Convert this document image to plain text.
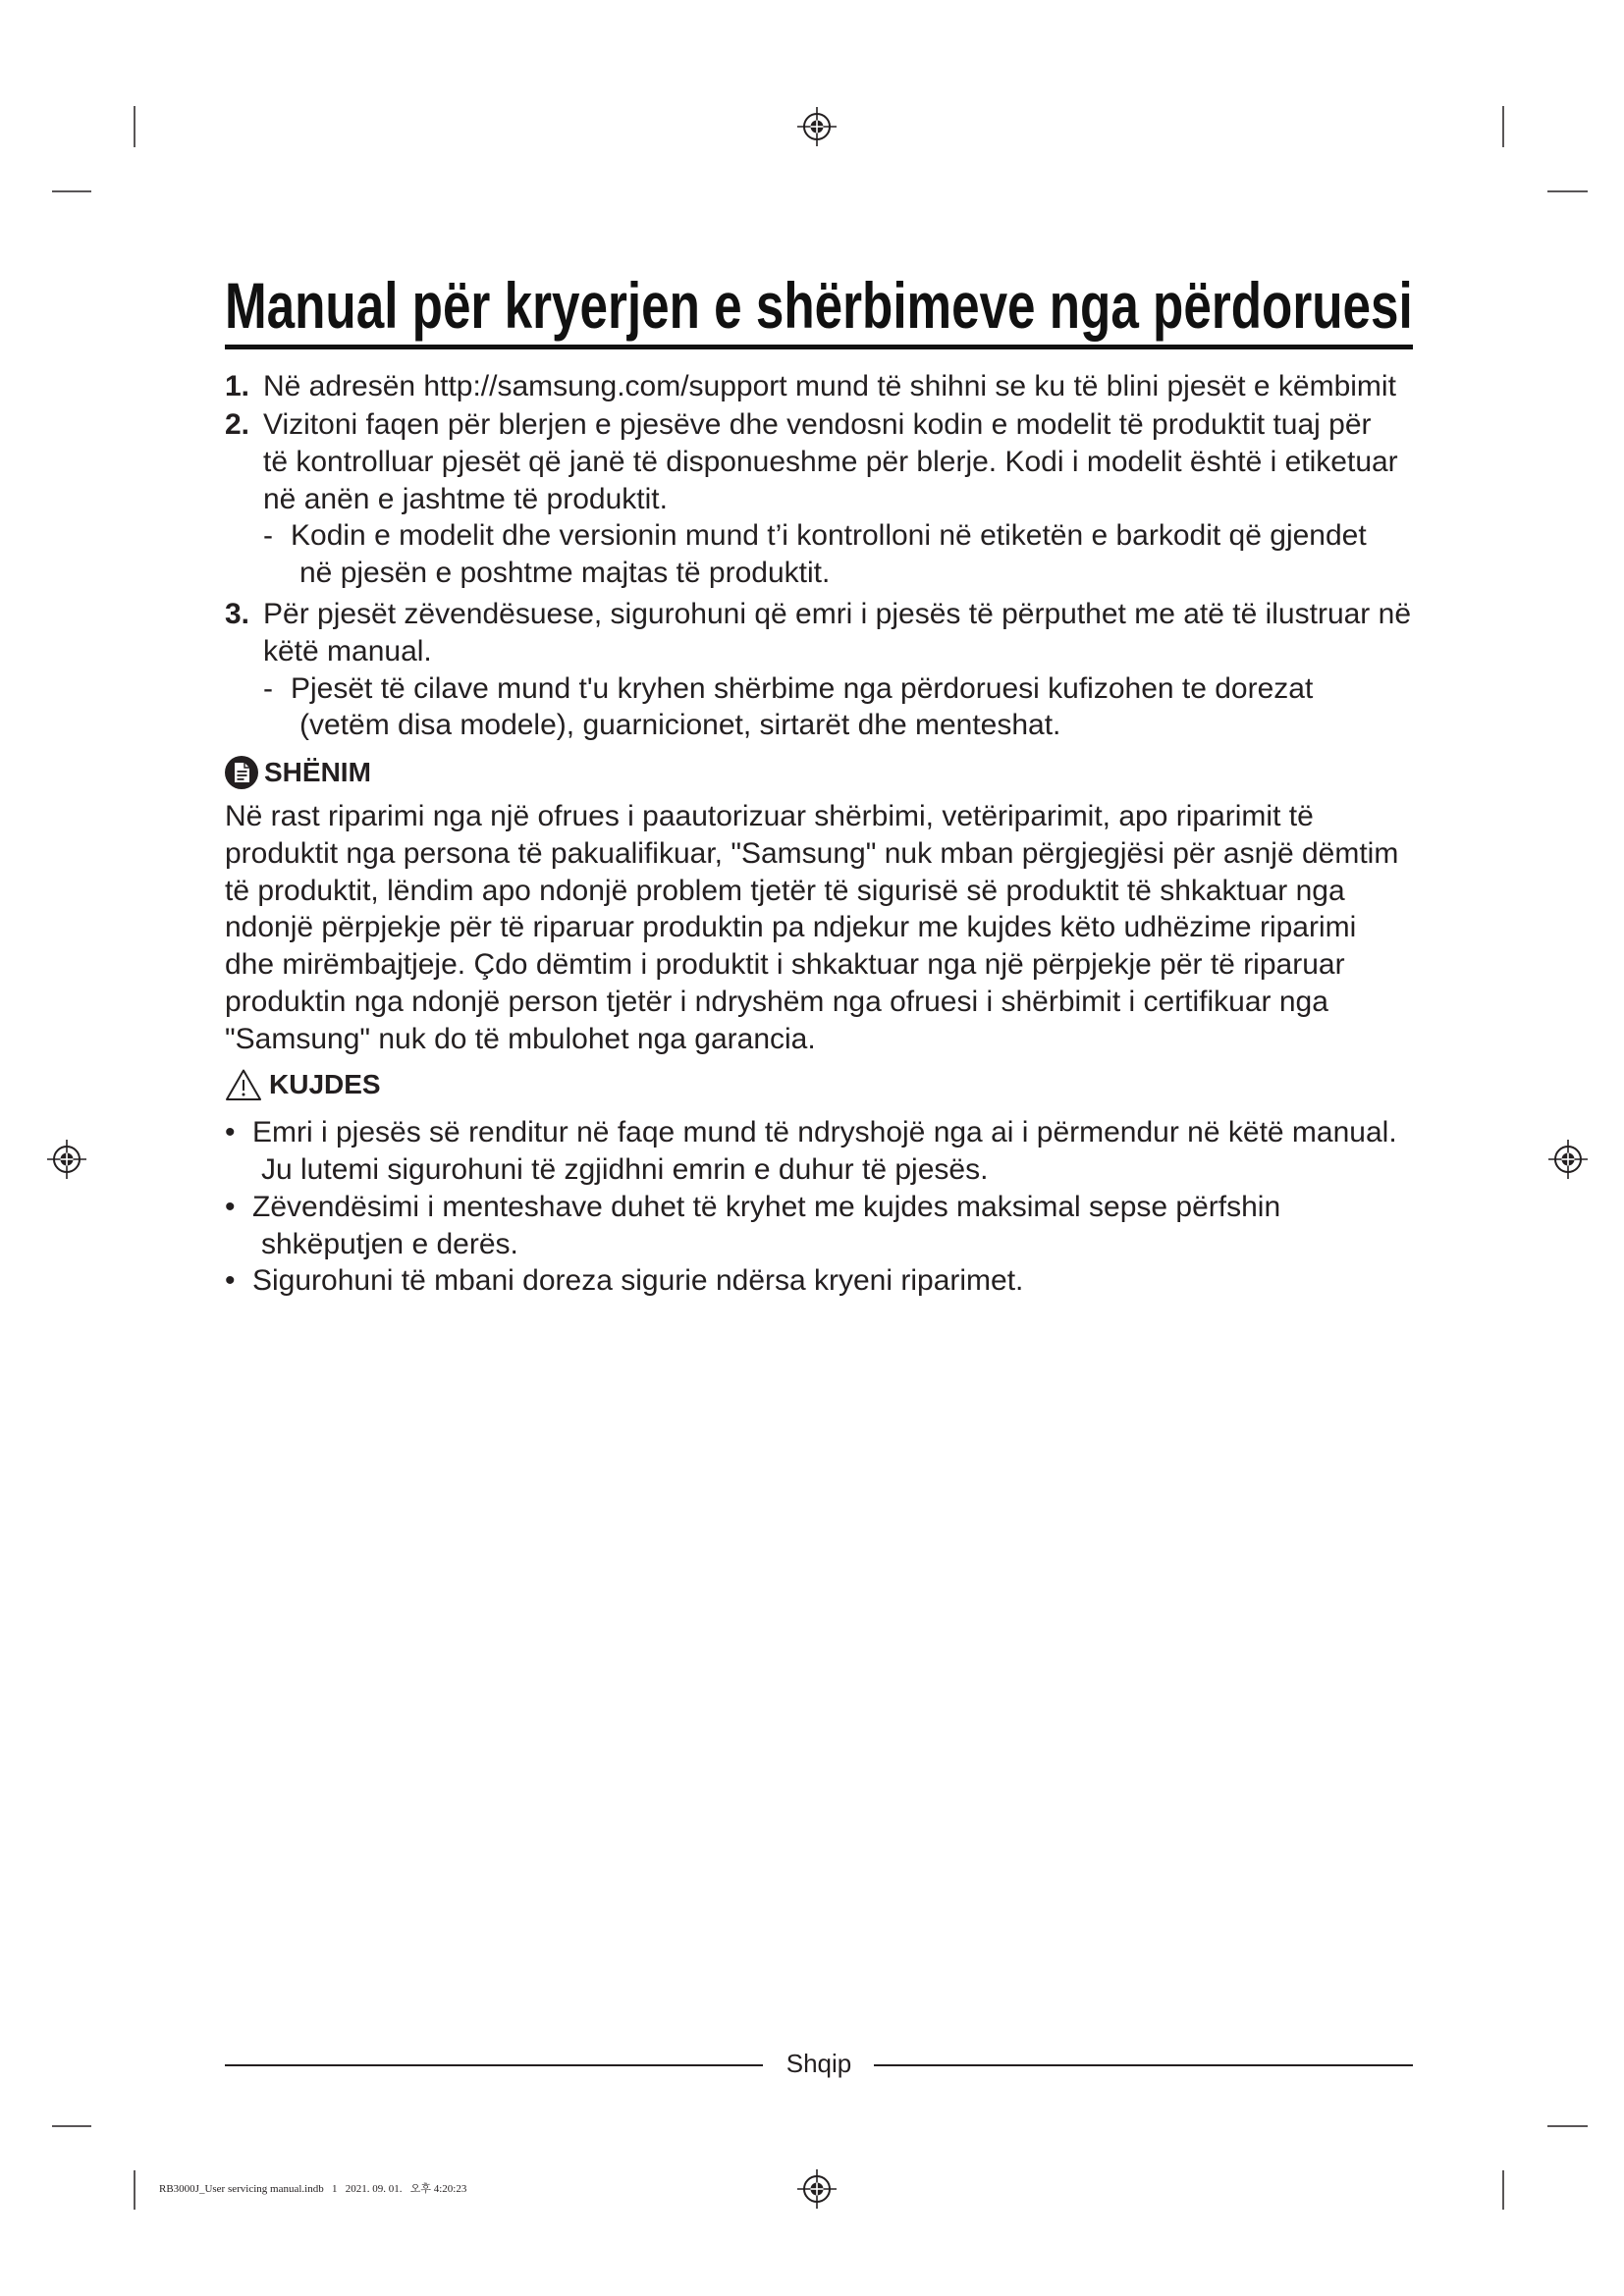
Manual për kryerjen e shërbimeve nga përdoruesi
1. Në adresën http://samsung.com/support mund të shihni se ku të blini pjesët e këmbimit
2. Vizitoni faqen për blerjen e pjesëve dhe vendosni kodin e modelit të produktit tuaj për
të kontrolluar pjesët që janë të disponueshme për blerje. Kodi i modelit është i etiketuar
në anën e jashtme të produktit.
- Kodin e modelit dhe versionin mund t’i kontrolloni në etiketën e barkodit që gjendet
në pjesën e poshtme majtas të produktit.
3. Për pjesët zëvendësuese, sigurohuni që emri i pjesës të përputhet me atë të ilustruar në
këtë manual.
- Pjesët të cilave mund t'u kryhen shërbime nga përdoruesi kufizohen te dorezat
(vetëm disa modele), guarnicionet, sirtarët dhe menteshat.
SHËNIM
Në rast riparimi nga një ofrues i paautorizuar shërbimi, vetëriparimit, apo riparimit të
produktit nga persona të pakualifikuar, "Samsung" nuk mban përgjegjësi për asnjë dëmtim
të produktit, lëndim apo ndonjë problem tjetër të sigurisë së produktit të shkaktuar nga
ndonjë përpjekje për të riparuar produktin pa ndjekur me kujdes këto udhëzime riparimi
dhe mirëmbajtjeje. Çdo dëmtim i produktit i shkaktuar nga një përpjekje për të riparuar
produktin nga ndonjë person tjetër i ndryshëm nga ofruesi i shërbimit i certifikuar nga
"Samsung" nuk do të mbulohet nga garancia.
KUJDES
• Emri i pjesës së renditur në faqe mund të ndryshojë nga ai i përmendur në këtë manual.
Ju lutemi sigurohuni të zgjidhni emrin e duhur të pjesës.
• Zëvendësimi i menteshave duhet të kryhet me kujdes maksimal sepse përfshin
shkëputjen e derës.
• Sigurohuni të mbani doreza sigurie ndërsa kryeni riparimet.
Shqip
RB3000J_User servicing manual.indb 1 2021. 09. 01.   오후 4:20:23
